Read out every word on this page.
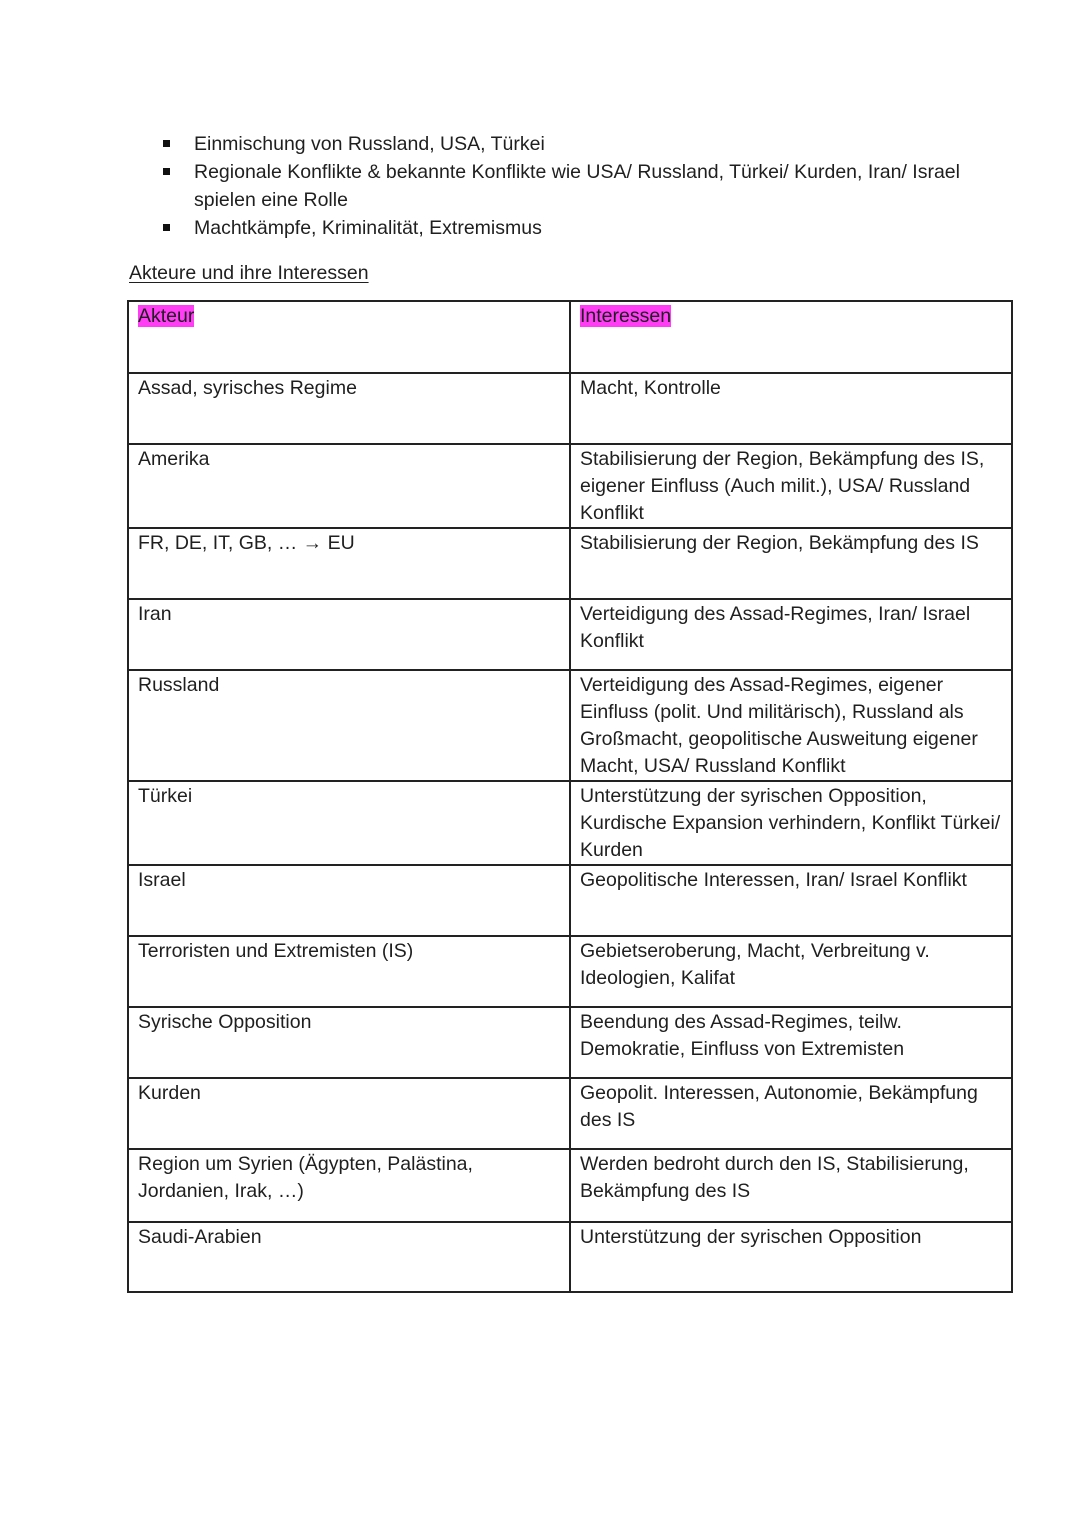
Einmischung von Russland, USA, Türkei
Regionale Konflikte & bekannte Konflikte wie USA/ Russland, Türkei/ Kurden, Iran/ Israel spielen eine Rolle
Machtkämpfe, Kriminalität, Extremismus
Akteure und ihre Interessen
Akteur	Interessen
Assad, syrisches Regime	Macht, Kontrolle
Amerika	Stabilisierung der Region, Bekämpfung des IS, eigener Einfluss (Auch milit.), USA/ Russland Konflikt
FR, DE, IT, GB, … → EU	Stabilisierung der Region, Bekämpfung des IS
Iran	Verteidigung des Assad-Regimes, Iran/ Israel Konflikt
Russland	Verteidigung des Assad-Regimes, eigener Einfluss (polit. Und militärisch), Russland als Großmacht, geopolitische Ausweitung eigener Macht, USA/ Russland Konflikt
Türkei	Unterstützung der syrischen Opposition, Kurdische Expansion verhindern, Konflikt Türkei/ Kurden
Israel	Geopolitische Interessen, Iran/ Israel Konflikt
Terroristen und Extremisten (IS)	Gebietseroberung, Macht, Verbreitung v. Ideologien, Kalifat
Syrische Opposition	Beendung des Assad-Regimes, teilw. Demokratie, Einfluss von Extremisten
Kurden	Geopolit. Interessen, Autonomie, Bekämpfung des IS
Region um Syrien (Ägypten, Palästina, Jordanien, Irak, …)	Werden bedroht durch den IS, Stabilisierung, Bekämpfung des IS
Saudi-Arabien	Unterstützung der syrischen Opposition
